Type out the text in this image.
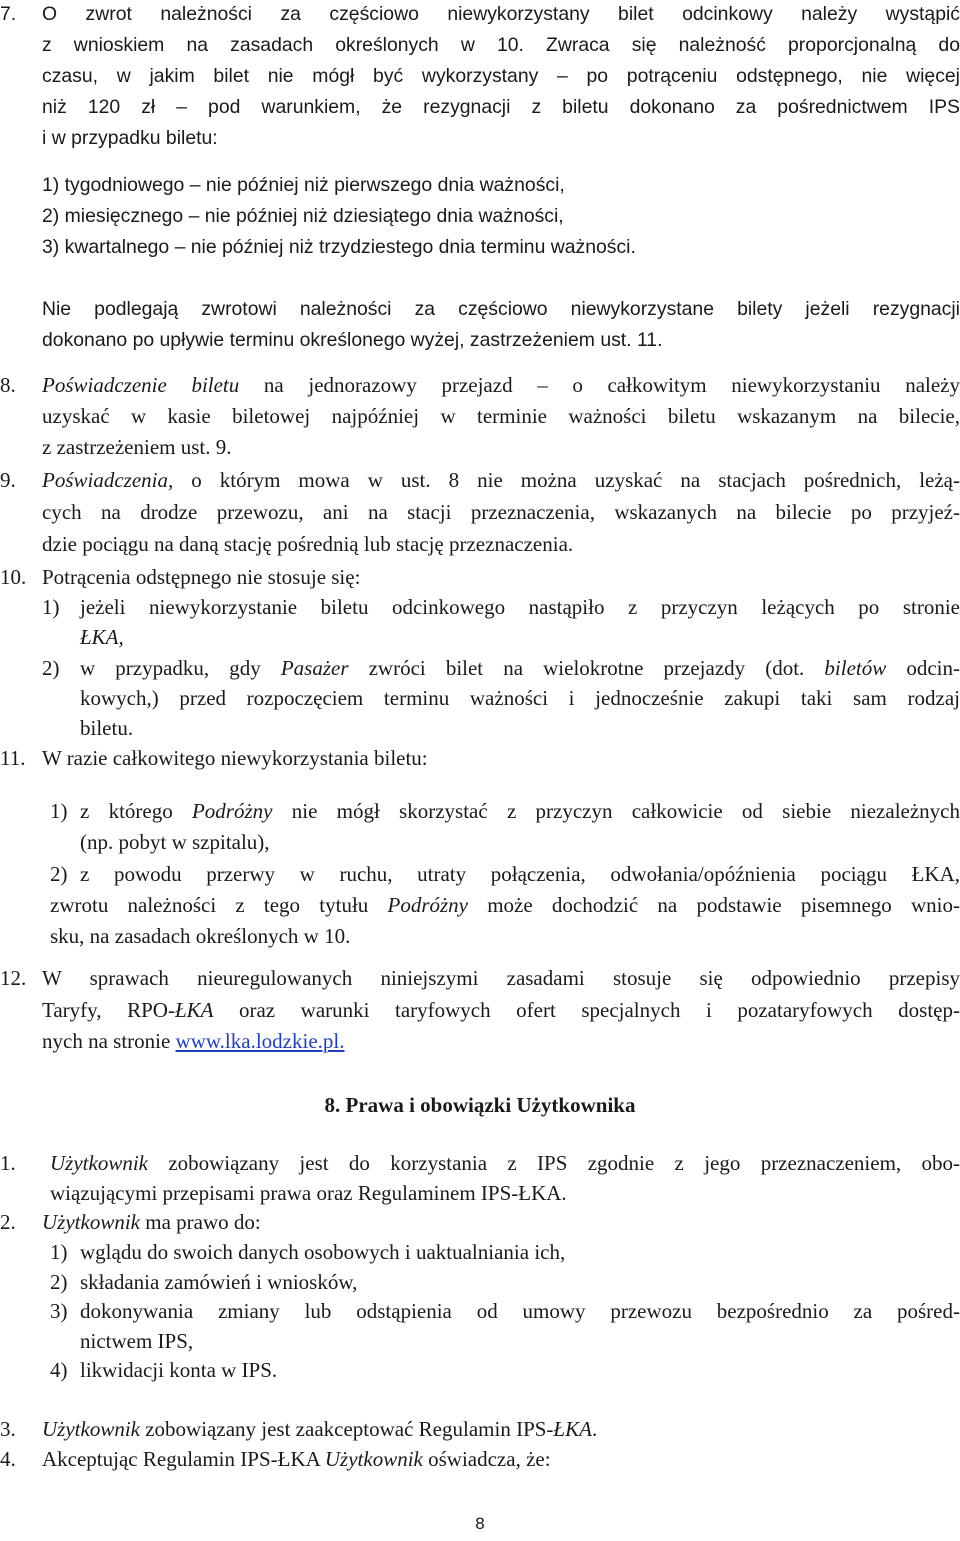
7. O zwrot należności za częściowo niewykorzystany bilet odcinkowy należy wystąpić
z wnioskiem na zasadach określonych w 10. Zwraca się należność proporcjonalną do
czasu, w jakim bilet nie mógł być wykorzystany – po potrąceniu odstępnego, nie więcej
niż 120 zł – pod warunkiem, że rezygnacji z biletu dokonano za pośrednictwem IPS
i w przypadku biletu:
1) tygodniowego – nie później niż pierwszego dnia ważności,
2) miesięcznego – nie później niż dziesiątego dnia ważności,
3) kwartalnego – nie później niż trzydziestego dnia terminu ważności.
Nie podlegają zwrotowi należności za częściowo niewykorzystane bilety jeżeli rezygnacji
dokonano po upływie terminu określonego wyżej, zastrzeżeniem ust. 11.
8. Poświadczenie biletu na jednorazowy przejazd – o całkowitym niewykorzystaniu należy
uzyskać w kasie biletowej najpóźniej w terminie ważności biletu wskazanym na bilecie,
z zastrzeżeniem ust. 9.
9. Poświadczenia, o którym mowa w ust. 8 nie można uzyskać na stacjach pośrednich, leżą-
cych na drodze przewozu, ani na stacji przeznaczenia, wskazanych na bilecie po przyjeź-
dzie pociągu na daną stację pośrednią lub stację przeznaczenia.
10. Potrącenia odstępnego nie stosuje się:
1) jeżeli niewykorzystanie biletu odcinkowego nastąpiło z przyczyn leżących po stronie
ŁKA,
2) w przypadku, gdy Pasażer zwróci bilet na wielokrotne przejazdy (dot. biletów odcin-
kowych,) przed rozpoczęciem terminu ważności i jednocześnie zakupi taki sam rodzaj
biletu.
11. W razie całkowitego niewykorzystania biletu:
1) z którego Podróżny nie mógł skorzystać z przyczyn całkowicie od siebie niezależnych
(np. pobyt w szpitalu),
2) z powodu przerwy w ruchu, utraty połączenia, odwołania/opóźnienia pociągu ŁKA,
zwrotu należności z tego tytułu Podróżny może dochodzić na podstawie pisemnego wnio-
sku, na zasadach określonych w 10.
12. W sprawach nieuregulowanych niniejszymi zasadami stosuje się odpowiednio przepisy
Taryfy, RPO-ŁKA oraz warunki taryfowych ofert specjalnych i pozataryfowych dostęp-
nych na stronie www.lka.lodzkie.pl.
8. Prawa i obowiązki Użytkownika
1. Użytkownik zobowiązany jest do korzystania z IPS zgodnie z jego przeznaczeniem, obo-
wiązującymi przepisami prawa oraz Regulaminem IPS-ŁKA.
2. Użytkownik ma prawo do:
1) wglądu do swoich danych osobowych i uaktualniania ich,
2) składania zamówień i wniosków,
3) dokonywania zmiany lub odstąpienia od umowy przewozu bezpośrednio za pośred-
nictwem IPS,
4) likwidacji konta w IPS.
3. Użytkownik zobowiązany jest zaakceptować Regulamin IPS-ŁKA.
4. Akceptując Regulamin IPS-ŁKA Użytkownik oświadcza, że:
8
